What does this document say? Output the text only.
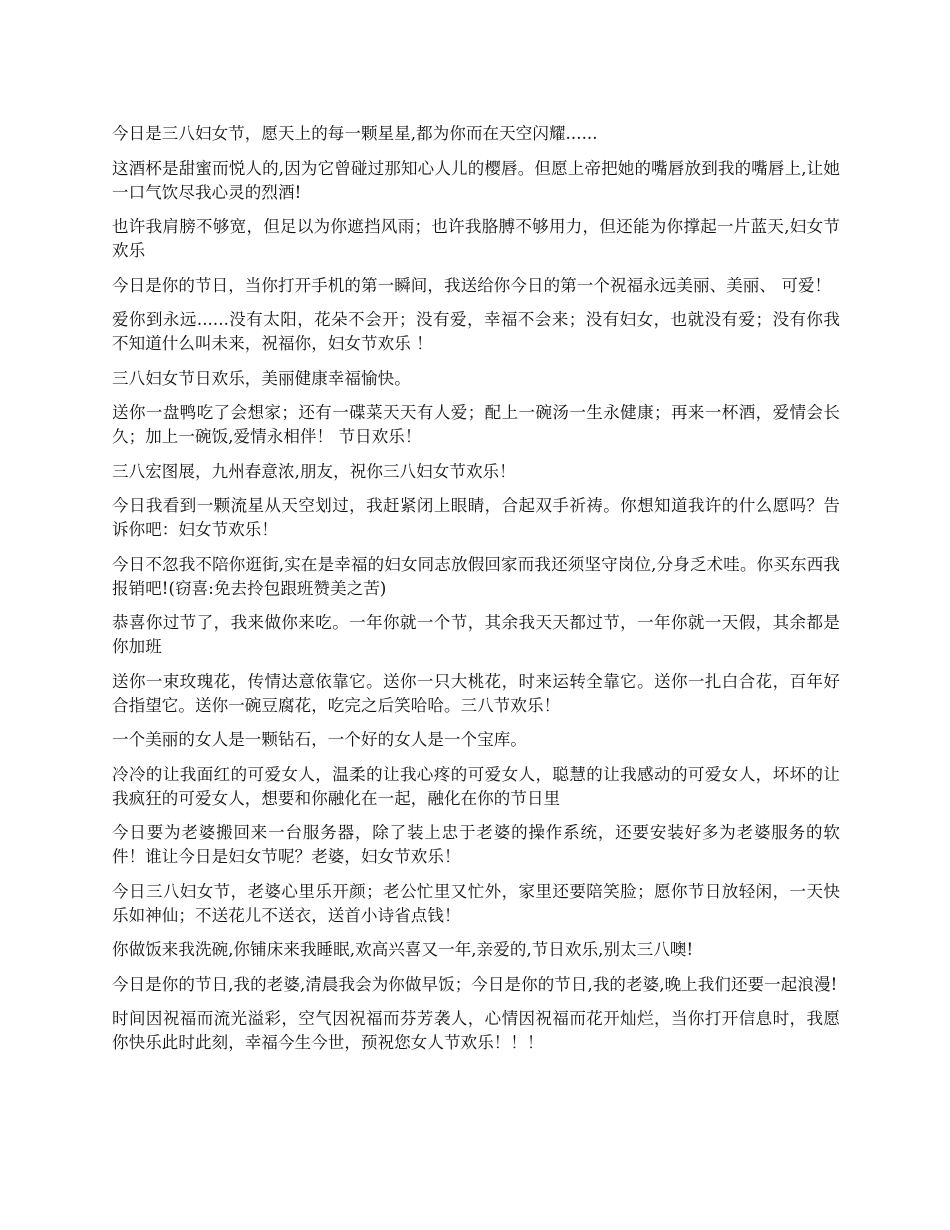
今日是三八妇女节，愿天上的每一颗星星,都为你而在天空闪耀......

这酒杯是甜蜜而悦人的,因为它曾碰过那知心人儿的樱唇。但愿上帝把她的嘴唇放到我的嘴唇上,让她一口气饮尽我心灵的烈酒!

也许我肩膀不够宽，但足以为你遮挡风雨；也许我胳膊不够用力，但还能为你撑起一片蓝天,妇女节欢乐

今日是你的节日，当你打开手机的第一瞬间，我送给你今日的第一个祝福永远美丽、美丽、 可爱！

爱你到永远......没有太阳，花朵不会开；没有爱，幸福不会来；没有妇女，也就没有爱；没有你我不知道什么叫未来，祝福你，妇女节欢乐 ！

三八妇女节日欢乐，美丽健康幸福愉快。

送你一盘鸭吃了会想家；还有一碟菜天天有人爱；配上一碗汤一生永健康；再来一杯酒，爱情会长久；加上一碗饭,爱情永相伴！ 节日欢乐！

三八宏图展，九州春意浓,朋友，祝你三八妇女节欢乐！

今日我看到一颗流星从天空划过，我赶紧闭上眼睛，合起双手祈祷。你想知道我许的什么愿吗？告诉你吧：妇女节欢乐！

今日不忽我不陪你逛街,实在是幸福的妇女同志放假回家而我还须坚守岗位,分身乏术哇。你买东西我报销吧!(窃喜:免去拎包跟班赞美之苦)

恭喜你过节了，我来做你来吃。一年你就一个节，其余我天天都过节，一年你就一天假，其余都是你加班

送你一束玫瑰花，传情达意依靠它。送你一只大桃花，时来运转全靠它。送你一扎白合花，百年好合指望它。送你一碗豆腐花，吃完之后笑哈哈。三八节欢乐！

一个美丽的女人是一颗钻石，一个好的女人是一个宝库。

冷冷的让我面红的可爱女人，温柔的让我心疼的可爱女人，聪慧的让我感动的可爱女人，坏坏的让我疯狂的可爱女人，想要和你融化在一起，融化在你的节日里

今日要为老婆搬回来一台服务器，除了装上忠于老婆的操作系统，还要安装好多为老婆服务的软件！谁让今日是妇女节呢？老婆，妇女节欢乐！

今日三八妇女节，老婆心里乐开颜；老公忙里又忙外，家里还要陪笑脸；愿你节日放轻闲，一天快乐如神仙；不送花儿不送衣，送首小诗省点钱！

你做饭来我洗碗,你铺床来我睡眠,欢高兴喜又一年,亲爱的,节日欢乐,别太三八噢!

今日是你的节日,我的老婆,清晨我会为你做早饭；今日是你的节日,我的老婆,晚上我们还要一起浪漫!

时间因祝福而流光溢彩，空气因祝福而芬芳袭人，心情因祝福而花开灿烂，当你打开信息时，我愿你快乐此时此刻，幸福今生今世，预祝您女人节欢乐！！！
